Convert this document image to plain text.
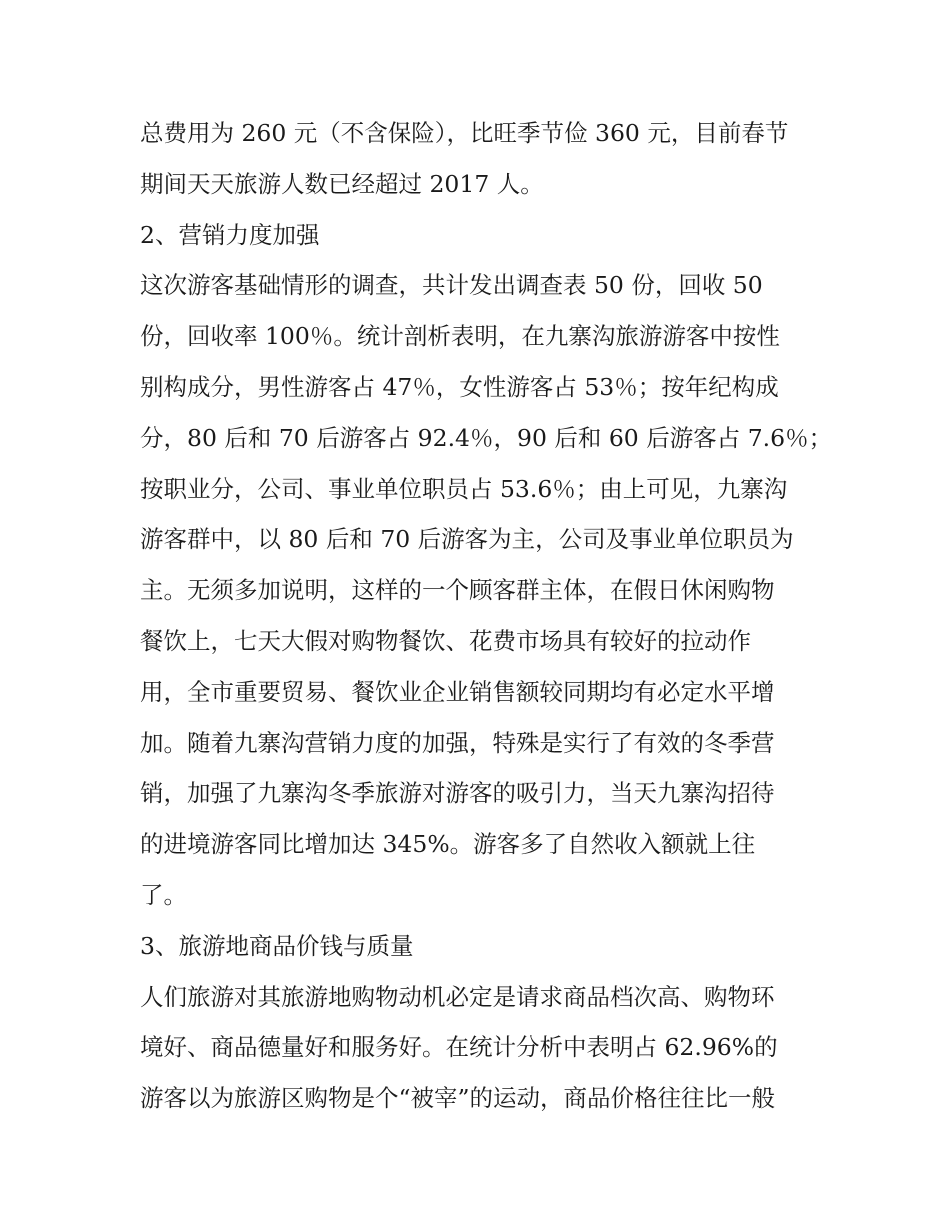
总费用为 260 元（不含保险），比旺季节俭 360 元，目前春节
期间天天旅游人数已经超过 2017 人。
2、营销力度加强
这次游客基础情形的调查，共计发出调查表 50 份，回收 50
份，回收率 100％。统计剖析表明，在九寨沟旅游游客中按性
别构成分，男性游客占 47％，女性游客占 53％；按年纪构成
分，80 后和 70 后游客占 92.4％，90 后和 60 后游客占 7.6％；
按职业分，公司、事业单位职员占 53.6％；由上可见，九寨沟
游客群中，以 80 后和 70 后游客为主，公司及事业单位职员为
主。无须多加说明，这样的一个顾客群主体，在假日休闲购物
餐饮上，七天大假对购物餐饮、花费市场具有较好的拉动作
用，全市重要贸易、餐饮业企业销售额较同期均有必定水平增
加。随着九寨沟营销力度的加强，特殊是实行了有效的冬季营
销，加强了九寨沟冬季旅游对游客的吸引力，当天九寨沟招待
的进境游客同比增加达 345%。游客多了自然收入额就上往
了。
3、旅游地商品价钱与质量
人们旅游对其旅游地购物动机必定是请求商品档次高、购物环
境好、商品德量好和服务好。在统计分析中表明占 62.96%的
游客以为旅游区购物是个“被宰”的运动，商品价格往往比一般
